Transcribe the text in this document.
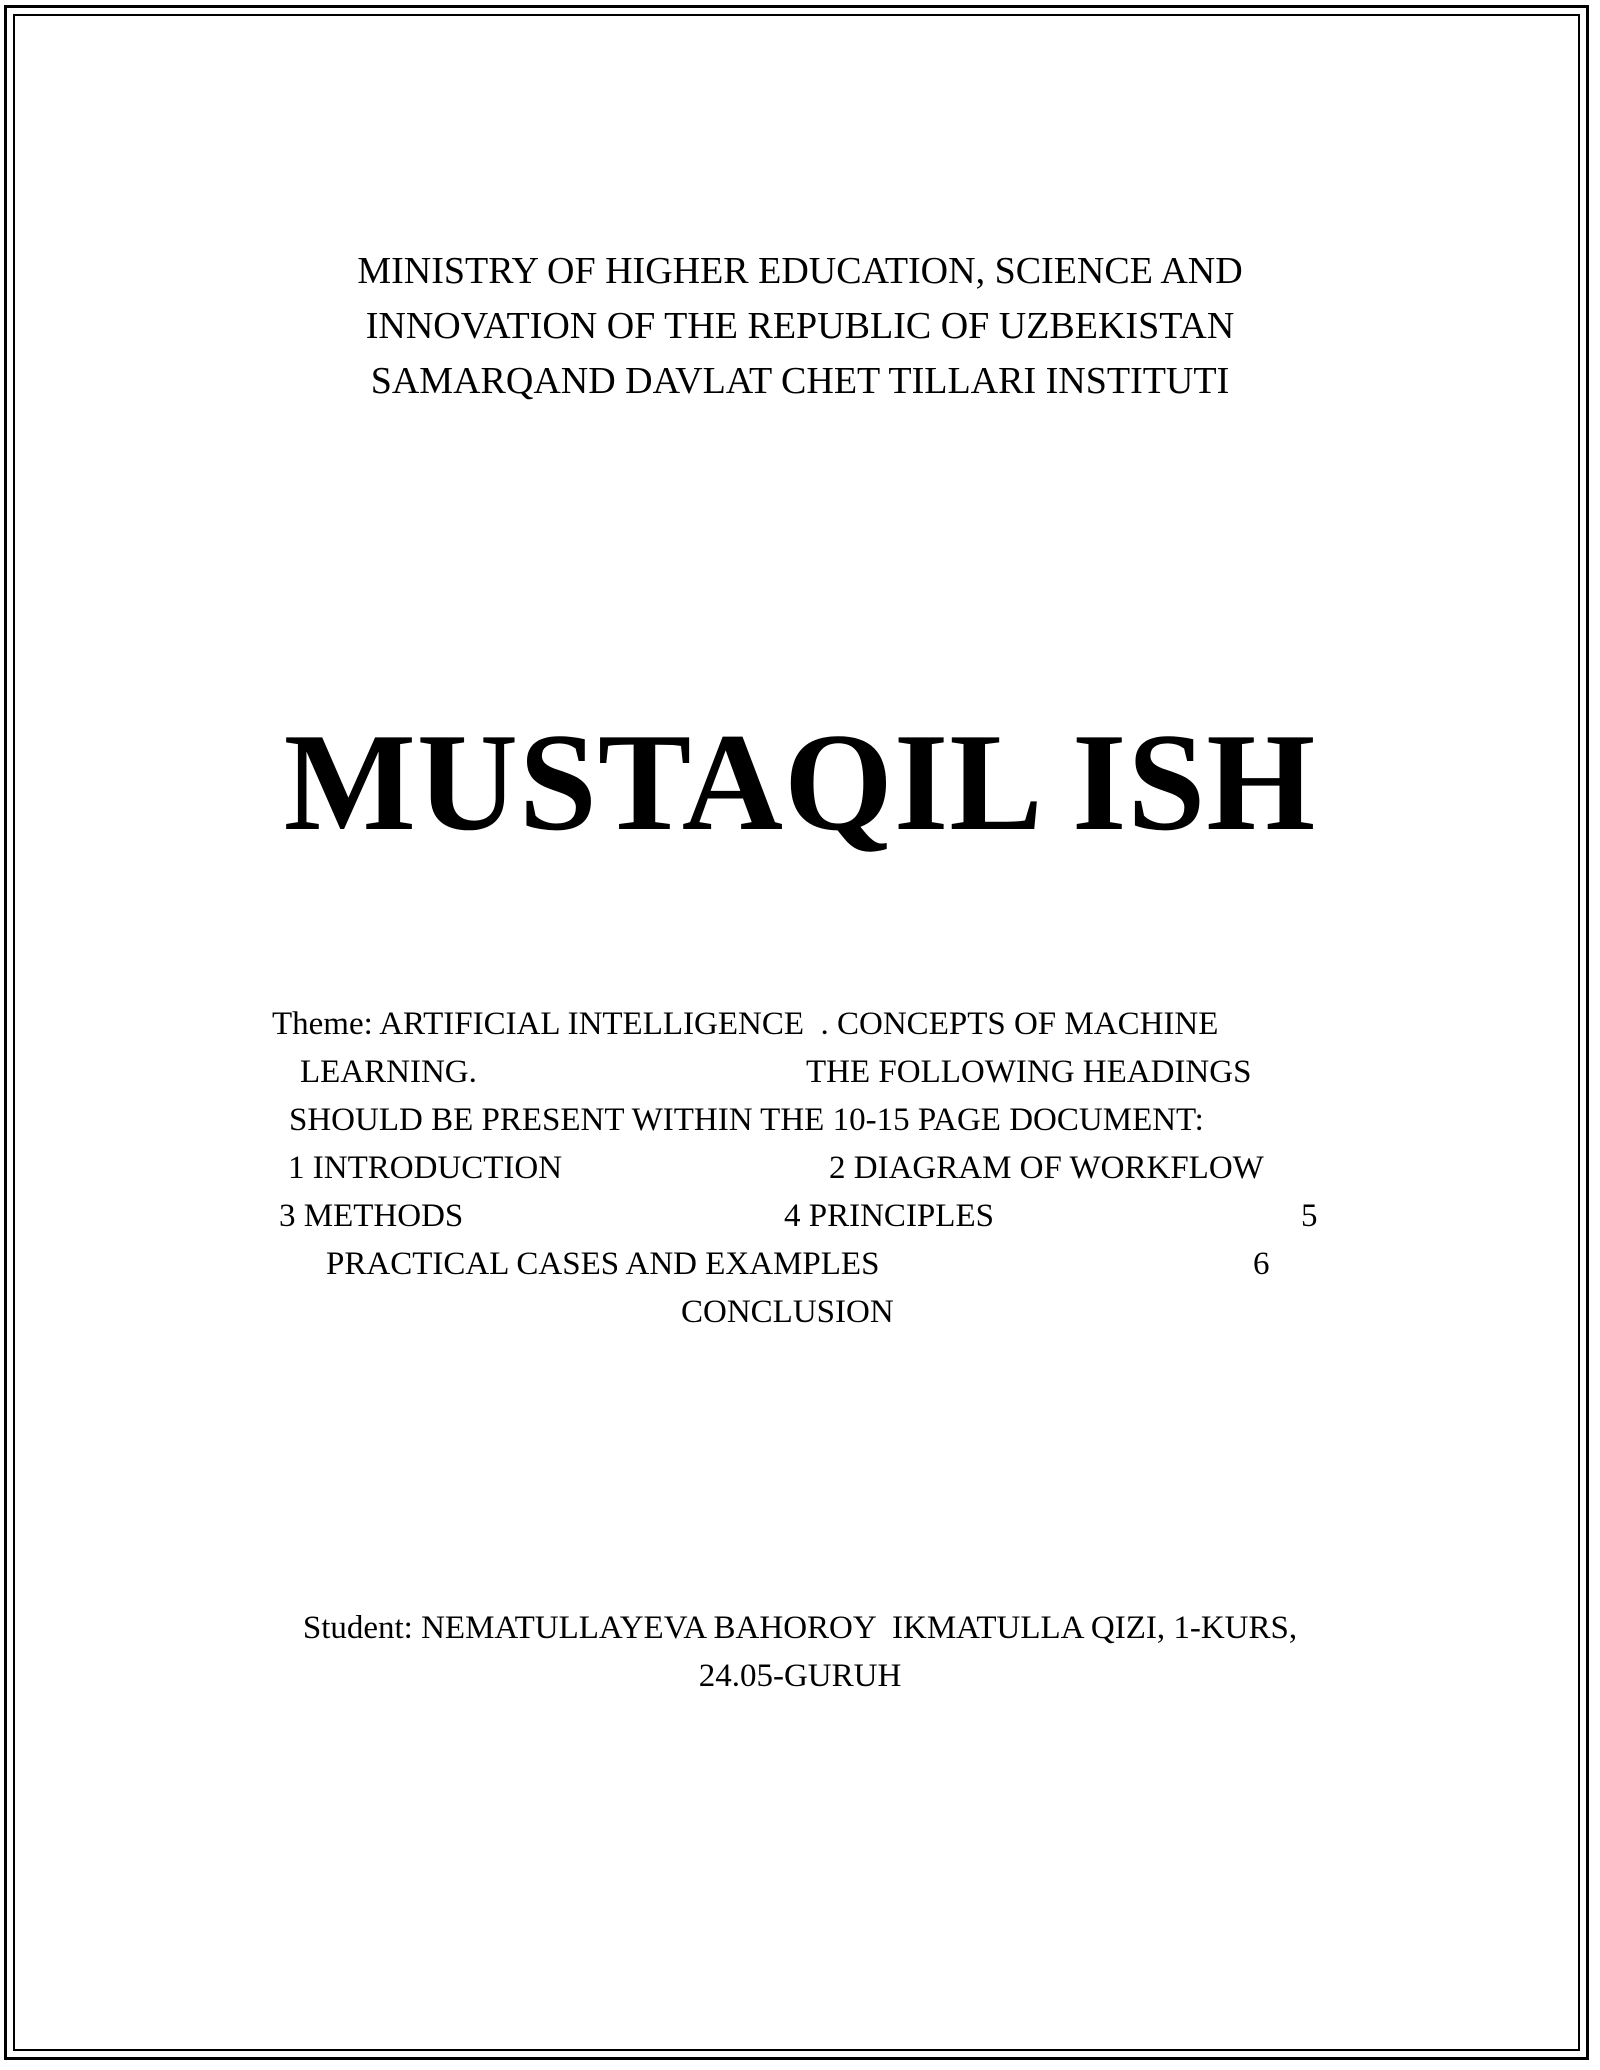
MINISTRY OF HIGHER EDUCATION, SCIENCE AND
INNOVATION OF THE REPUBLIC OF UZBEKISTAN
SAMARQAND DAVLAT CHET TILLARI INSTITUTI
MUSTAQIL ISH
Theme: ARTIFICIAL INTELLIGENCE  . CONCEPTS OF MACHINE
LEARNING.	THE FOLLOWING HEADINGS
SHOULD BE PRESENT WITHIN THE 10-15 PAGE DOCUMENT:
1 INTRODUCTION	2 DIAGRAM OF WORKFLOW
3 METHODS	4 PRINCIPLES	5
PRACTICAL CASES AND EXAMPLES	6
CONCLUSION
Student: NEMATULLAYEVA BAHOROY  IKMATULLA QIZI, 1-KURS,
24.05-GURUH
